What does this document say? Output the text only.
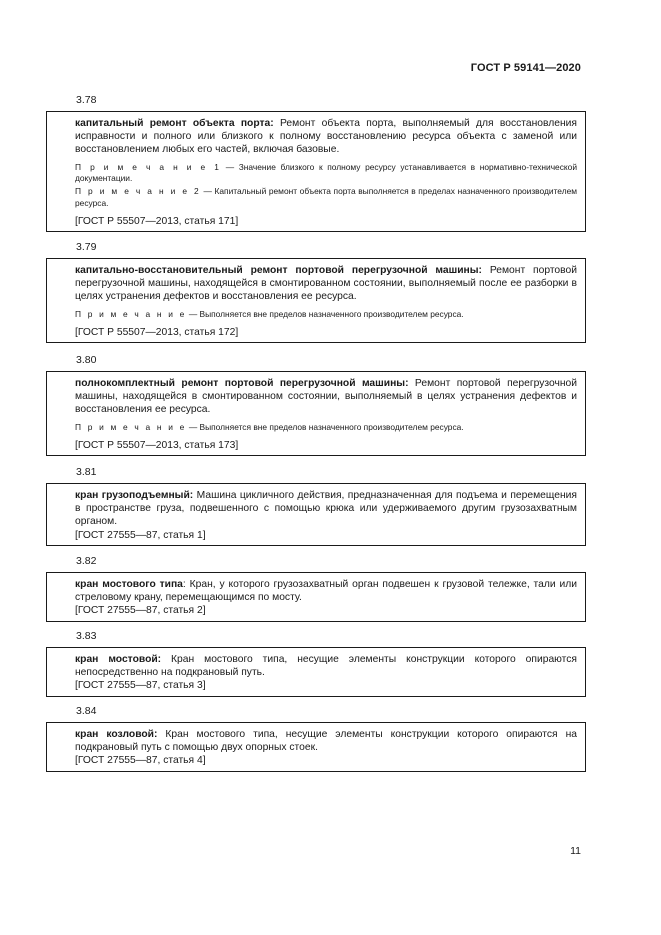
ГОСТ Р 59141—2020
3.78

капитальный ремонт объекта порта: Ремонт объекта порта, выполняемый для восстановления исправности и полного или близкого к полному восстановлению ресурса объекта с заменой или восстановлением любых его частей, включая базовые.

П р и м е ч а н и е 1 — Значение близкого к полному ресурсу устанавливается в нормативно-технической документации.

П р и м е ч а н и е 2 — Капитальный ремонт объекта порта выполняется в пределах назначенного производителем ресурса.

[ГОСТ Р 55507—2013, статья 171]

3.79

капитально-восстановительный ремонт портовой перегрузочной машины: Ремонт портовой перегрузочной машины, находящейся в смонтированном состоянии, выполняемый после ее разборки в целях устранения дефектов и восстановления ее ресурса.

П р и м е ч а н и е — Выполняется вне пределов назначенного производителем ресурса.

[ГОСТ Р 55507—2013, статья 172]

3.80

полнокомплектный ремонт портовой перегрузочной машины: Ремонт портовой перегрузочной машины, находящейся в смонтированном состоянии, выполняемый в целях устранения дефектов и восстановления ее ресурса.

П р и м е ч а н и е — Выполняется вне пределов назначенного производителем ресурса.

[ГОСТ Р 55507—2013, статья 173]

3.81

кран грузоподъемный: Машина цикличного действия, предназначенная для подъема и перемещения в пространстве груза, подвешенного с помощью крюка или удерживаемого другим грузозахватным органом.

[ГОСТ 27555—87, статья 1]

3.82

кран мостового типа: Кран, у которого грузозахватный орган подвешен к грузовой тележке, тали или стреловому крану, перемещающимся по мосту.

[ГОСТ 27555—87, статья 2]

3.83

кран мостовой: Кран мостового типа, несущие элементы конструкции которого опираются непосредственно на подкрановый путь.

[ГОСТ 27555—87, статья 3]

3.84

кран козловой: Кран мостового типа, несущие элементы конструкции которого опираются на подкрановый путь с помощью двух опорных стоек.

[ГОСТ 27555—87, статья 4]

11
